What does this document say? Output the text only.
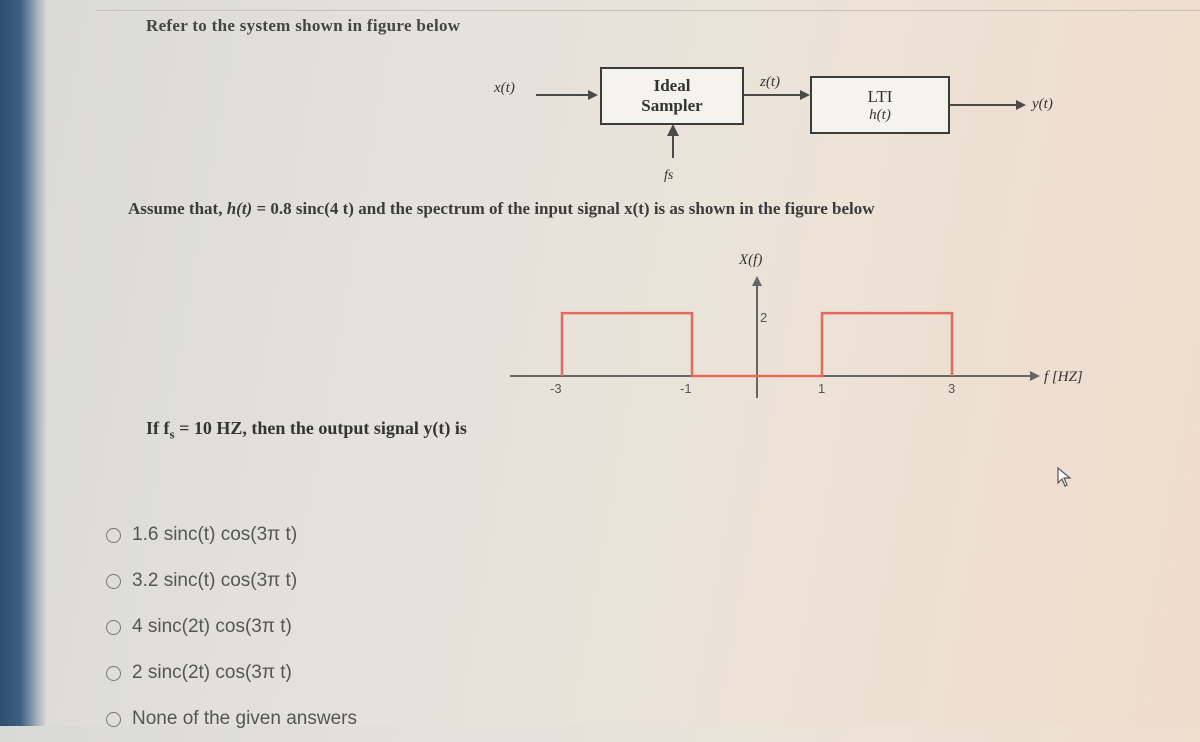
Refer to the system shown in figure below
x(t)	Ideal
Sampler
z(t)
LTI
h(t)
y(t)
fs
Assume that, h(t) = 0.8 sinc(4 t) and the spectrum of the input signal x(t) is as shown in the figure below
-3	-1	1	3
2
X(f)
f [HZ]
If $f_s = 10$ HZ, then the output signal y(t) is
1.6 sinc(t) cos(3π t)
3.2 sinc(t) cos(3π t)
4 sinc(2t) cos(3π t)
2 sinc(2t) cos(3π t)
None of the given answers
